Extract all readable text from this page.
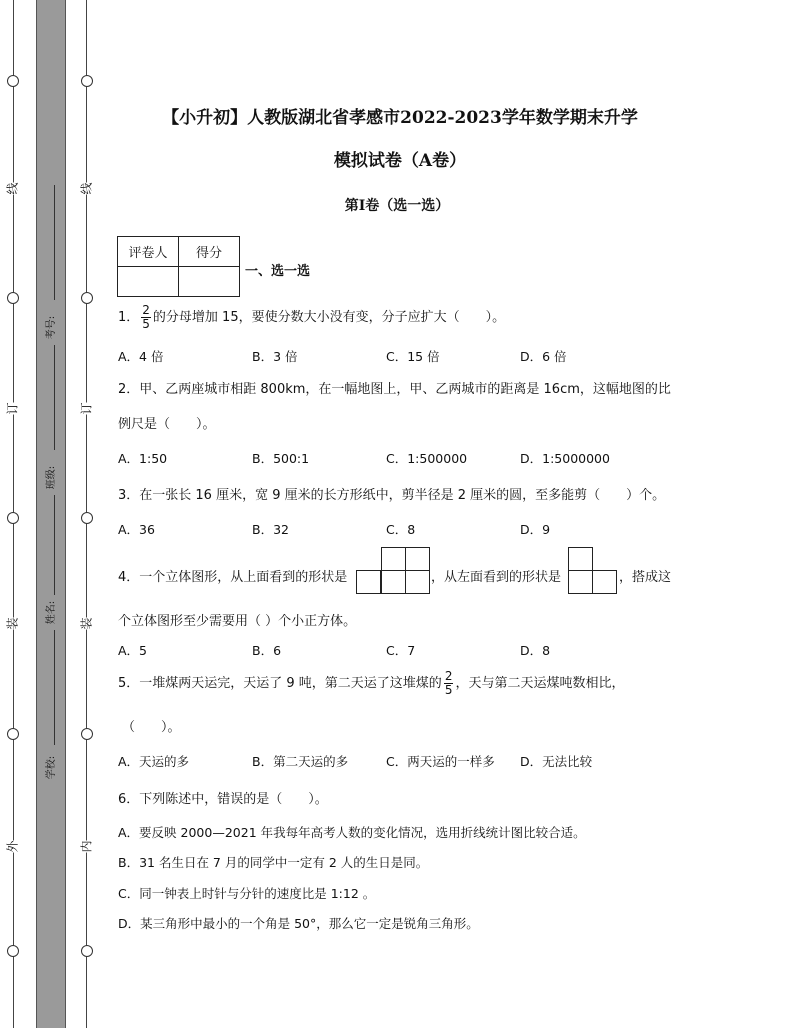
线
订
装
外
线
订
装
内
考号:
班级:
姓名:
学校:
【小升初】人教版湖北省孝感市2022-2023学年数学期末升学
模拟试卷（A卷）
第Ⅰ卷（选一选）
评卷人	得分

一、选一选
1． $\frac{2}{5}$ 的分母增加 15，要使分数大小没有变，分子应扩大（　　）。
A．4 倍	B．3 倍	C．15 倍	D．6 倍
2．甲、乙两座城市相距 800km，在一幅地图上，甲、乙两城市的距离是 16cm，这幅地图的比
例尺是（　　）。
A．1:50	B．500:1	C．1:500000	D．1:5000000
3．在一张长 16 厘米，宽 9 厘米的长方形纸中，剪半径是 2 厘米的圆，至多能剪（　　）个。
A．36	B．32	C．8	D．9
4．一个立体图形，从上面看到的形状是	，从左面看到的形状是	，搭成这
个立体图形至少需要用（ ）个小正方体。
A．5	B．6	C．7	D．8
5．一堆煤两天运完，天运了 9 吨，第二天运了这堆煤的 $\frac{2}{5}$ ，天与第二天运煤吨数相比，
（　　）。
A．天运的多	B．第二天运的多	C．两天运的一样多 D．无法比较
6．下列陈述中，错误的是（　　）。
A．要反映 2000—2021 年我每年高考人数的变化情况，选用折线统计图比较合适。
B．31 名生日在 7 月的同学中一定有 2 人的生日是同。
C．同一钟表上时针与分针的速度比是 1:12 。
D．某三角形中最小的一个角是 50°，那么它一定是锐角三角形。
